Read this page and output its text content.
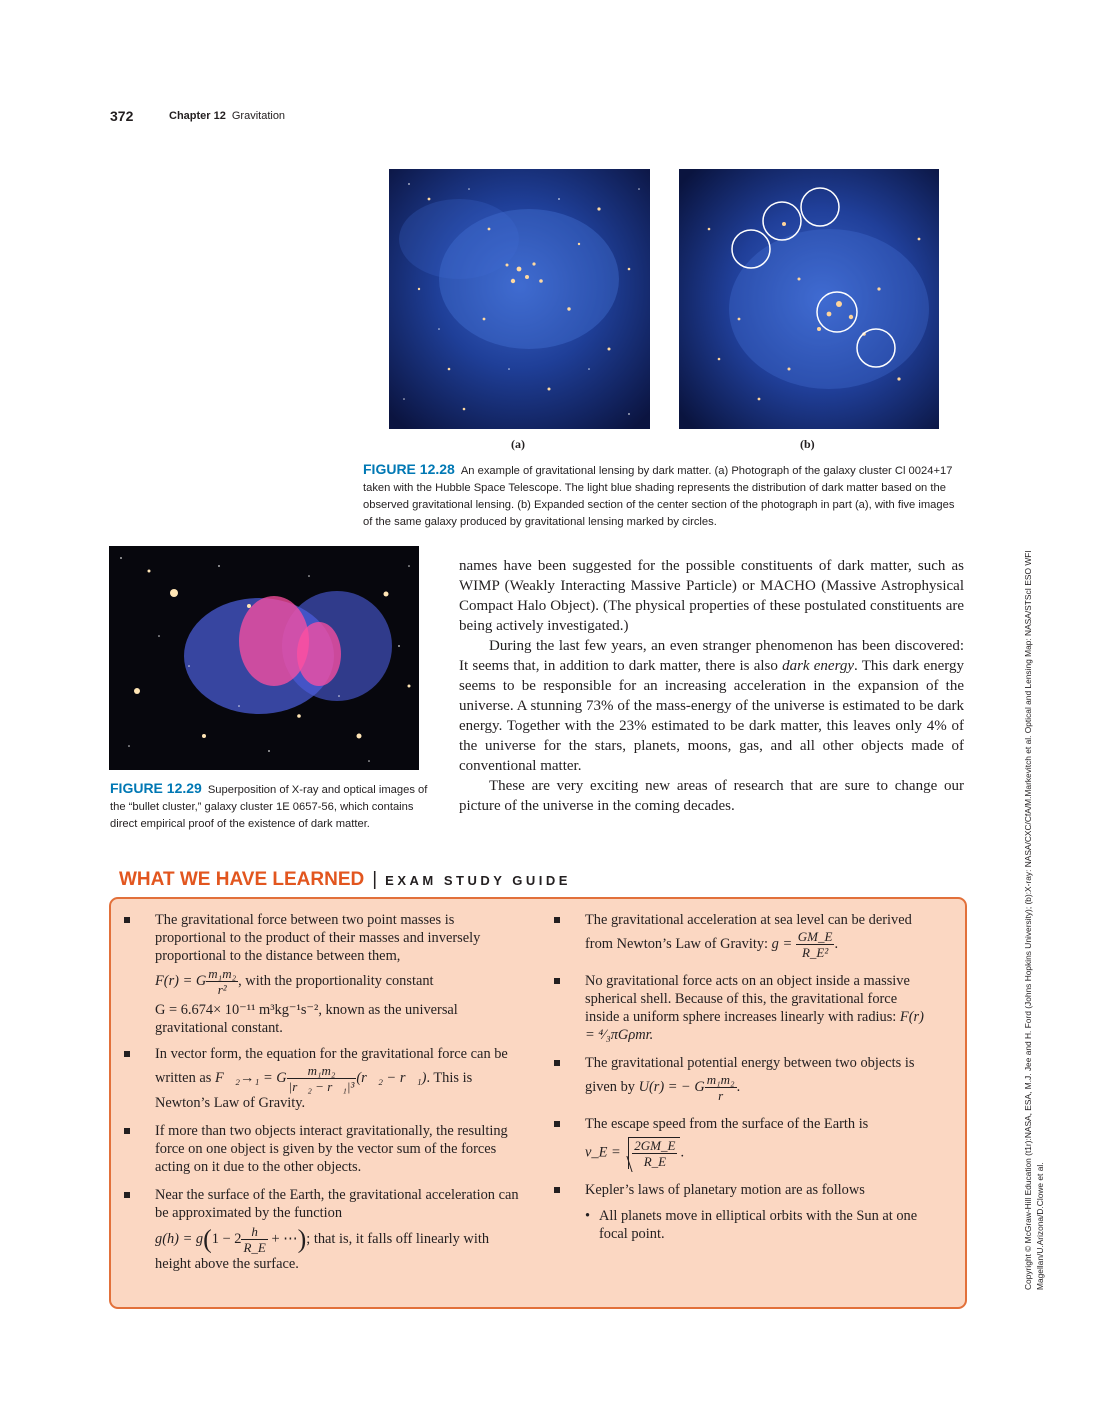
372	Chapter 12 Gravitation
(a)	(b)
FIGURE 12.28 An example of gravitational lensing by dark matter. (a) Photograph of the galaxy cluster Cl 0024+17 taken with the Hubble Space Telescope. The light blue shading represents the distribution of dark matter based on the observed gravitational lensing. (b) Expanded section of the center section of the photograph in part (a), with five images of the same galaxy produced by gravitational lensing marked by circles.
FIGURE 12.29 Superposition of X-ray and optical images of the “bullet cluster,” galaxy cluster 1E 0657-56, which contains direct empirical proof of the existence of dark matter.

names have been suggested for the possible constituents of dark matter, such as WIMP (Weakly Interacting Massive Particle) or MACHO (Massive Astrophysical Compact Halo Object). (The physical properties of these postulated constituents are being actively investigated.)

During the last few years, an even stranger phenomenon has been discovered: It seems that, in addition to dark matter, there is also dark energy. This dark energy seems to be responsible for an increasing acceleration in the expansion of the universe. A stunning 73% of the mass-energy of the universe is estimated to be dark energy. Together with the 23% estimated to be dark matter, this leaves only 4% of the universe for the stars, planets, moons, gas, and all other objects made of conventional matter.

These are very exciting new areas of research that are sure to change our picture of the universe in the coming decades.	Copyright © McGraw-Hill Education (t1r):NASA, ESA, M.J. Jee and H. Ford (Johns Hopkins University); (b):X-ray: NASA/CXC/CfA/M.Markevitch et al. Optical and Lensing Map: NASA/STScI ESO WFI Magellan/U.Arizona/D.Clowe et al.
WHAT WE HAVE LEARNED | EXAM STUDY GUIDE
The gravitational force between two point masses is proportional to the product of their masses and inversely proportional to the distance between them,
F(r) = G $\frac{\text{m₁m₂}}{\text{r²}}$ , with the proportionality constant
G = 6.674× 10⁻¹¹ m³kg⁻¹s⁻², known as the universal gravitational constant.
In vector form, the equation for the gravitational force can be written as F⃗₂→₁ = G $\frac{\text{m₁m₂}}{\text{|r⃗₂ − r⃗₁|³}}$ (r⃗₂ − r⃗₁). This is Newton’s Law of Gravity.
If more than two objects interact gravitationally, the resulting force on one object is given by the vector sum of the forces acting on it due to the other objects.
Near the surface of the Earth, the gravitational acceleration can be approximated by the function
$g(h) = g(1 - 2 \frac{h}{R\_E}$ + ⋯); that is, it falls off linearly with height above the surface.
The gravitational acceleration at sea level can be derived from Newton’s Law of Gravity: $g = \frac{GM\_E}{\text{R\_E²}}$ .
No gravitational force acts on an object inside a massive spherical shell. Because of this, the gravitational force inside a uniform sphere increases linearly with radius: F(r) = ⁴⁄₃πGρmr.
The gravitational potential energy between two objects is given by U(r) = − G $\frac{\text{m₁m₂}}{r}$ .
The escape speed from the surface of the Earth is
v_E = $\frac{2GM\_E}{R\_E}$ .
Kepler’s laws of planetary motion are as follows
• All planets move in elliptical orbits with the Sun at one focal point.
